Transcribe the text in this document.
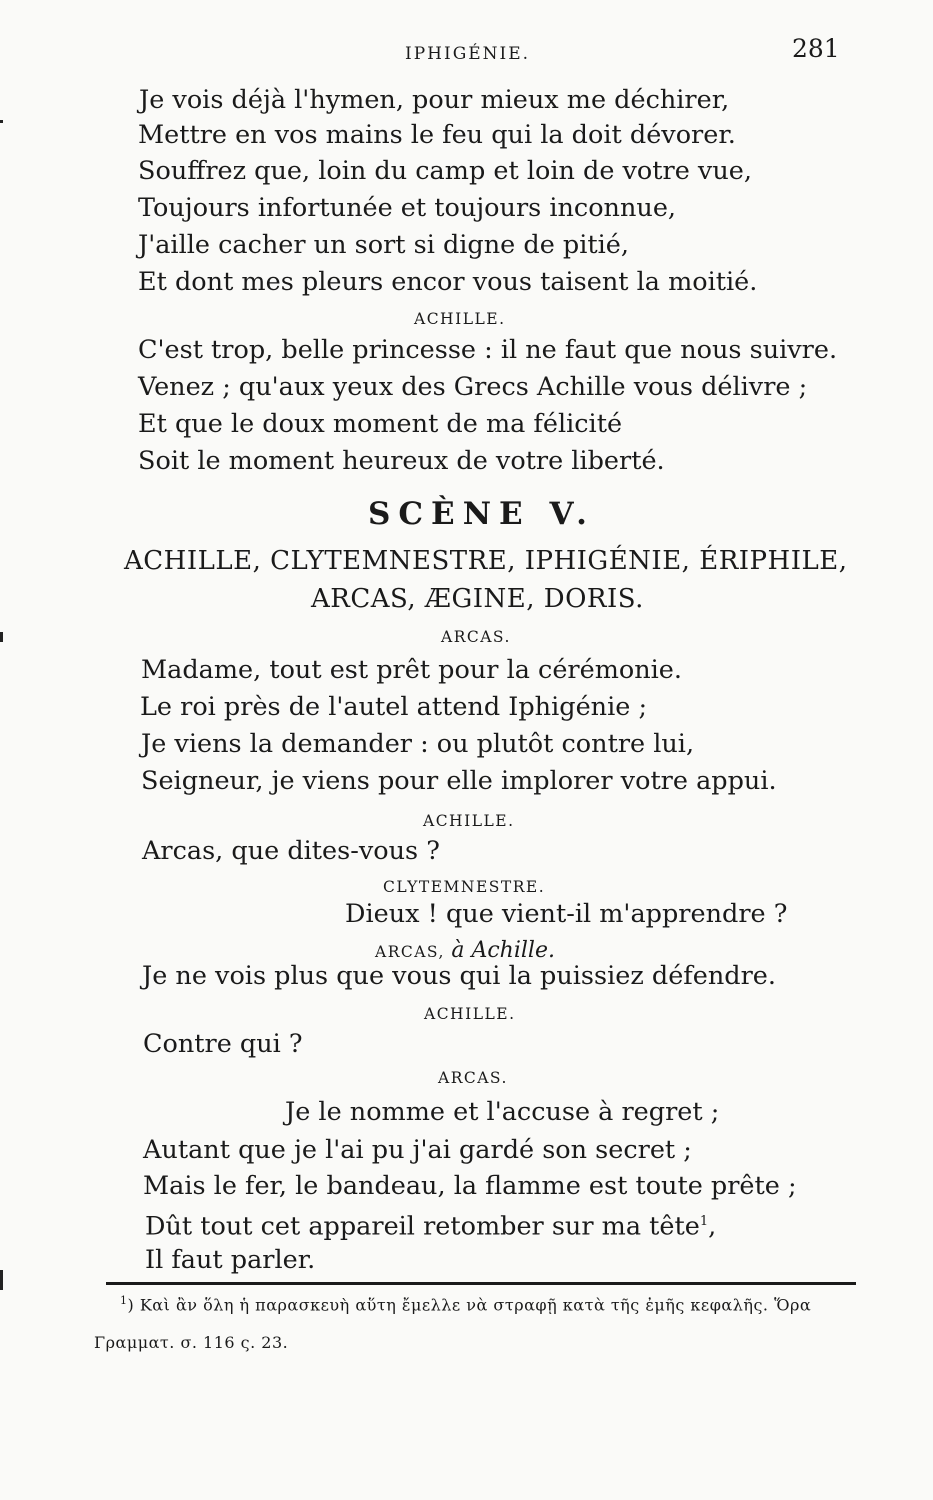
IPHIGÉNIE.	281
Je vois déjà l'hymen, pour mieux me déchirer,
Mettre en vos mains le feu qui la doit dévorer.
Souffrez que, loin du camp et loin de votre vue,
Toujours infortunée et toujours inconnue,
J'aille cacher un sort si digne de pitié,
Et dont mes pleurs encor vous taisent la moitié.
ACHILLE.
C'est trop, belle princesse : il ne faut que nous suivre.
Venez ; qu'aux yeux des Grecs Achille vous délivre ;
Et que le doux moment de ma félicité
Soit le moment heureux de votre liberté.
SCÈNE V.
ACHILLE, CLYTEMNESTRE, IPHIGÉNIE, ÉRIPHILE,
ARCAS, ÆGINE, DORIS.
ARCAS.
Madame, tout est prêt pour la cérémonie.
Le roi près de l'autel attend Iphigénie ;
Je viens la demander : ou plutôt contre lui,
Seigneur, je viens pour elle implorer votre appui.
ACHILLE.
Arcas, que dites-vous ?
CLYTEMNESTRE.
Dieux ! que vient-il m'apprendre ?
ARCAS, à Achille.
Je ne vois plus que vous qui la puissiez défendre.
ACHILLE.
Contre qui ?
ARCAS.
Je le nomme et l'accuse à regret ;
Autant que je l'ai pu j'ai gardé son secret ;
Mais le fer, le bandeau, la flamme est toute prête ;
Dût tout cet appareil retomber sur ma tête$^1$,
Il faut parler.
$^1$) Καὶ ἂν ὅλη ἡ παρασκευὴ αὕτη ἔμελλε νὰ στραφῇ κατὰ τῆς ἐμῆς κεφαλῆς. Ὅρα
Γραμματ. σ. 116 ς. 23.
